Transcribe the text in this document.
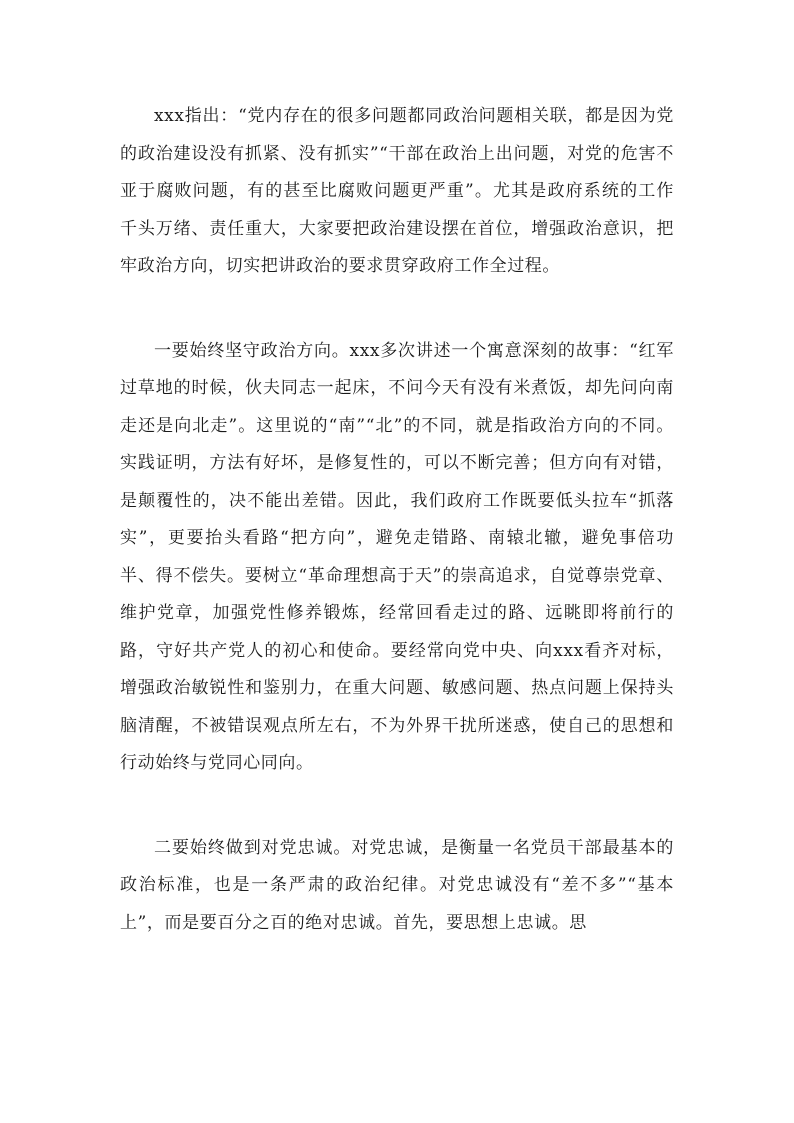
xxx指出：“党内存在的很多问题都同政治问题相关联，都是因为党的政治建设没有抓紧、没有抓实”“干部在政治上出问题，对党的危害不亚于腐败问题，有的甚至比腐败问题更严重”。尤其是政府系统的工作千头万绪、责任重大，大家要把政治建设摆在首位，增强政治意识，把牢政治方向，切实把讲政治的要求贯穿政府工作全过程。

一要始终坚守政治方向。xxx多次讲述一个寓意深刻的故事：“红军过草地的时候，伙夫同志一起床，不问今天有没有米煮饭，却先问向南走还是向北走”。这里说的“南”“北”的不同，就是指政治方向的不同。实践证明，方法有好坏，是修复性的，可以不断完善；但方向有对错，是颠覆性的，决不能出差错。因此，我们政府工作既要低头拉车“抓落实”，更要抬头看路“把方向”，避免走错路、南辕北辙，避免事倍功半、得不偿失。要树立“革命理想高于天”的崇高追求，自觉尊崇党章、维护党章，加强党性修养锻炼，经常回看走过的路、远眺即将前行的路，守好共产党人的初心和使命。要经常向党中央、向xxx看齐对标，增强政治敏锐性和鉴别力，在重大问题、敏感问题、热点问题上保持头脑清醒，不被错误观点所左右，不为外界干扰所迷惑，使自己的思想和行动始终与党同心同向。

二要始终做到对党忠诚。对党忠诚，是衡量一名党员干部最基本的政治标准，也是一条严肃的政治纪律。对党忠诚没有“差不多”“基本上”，而是要百分之百的绝对忠诚。首先，要思想上忠诚。思
